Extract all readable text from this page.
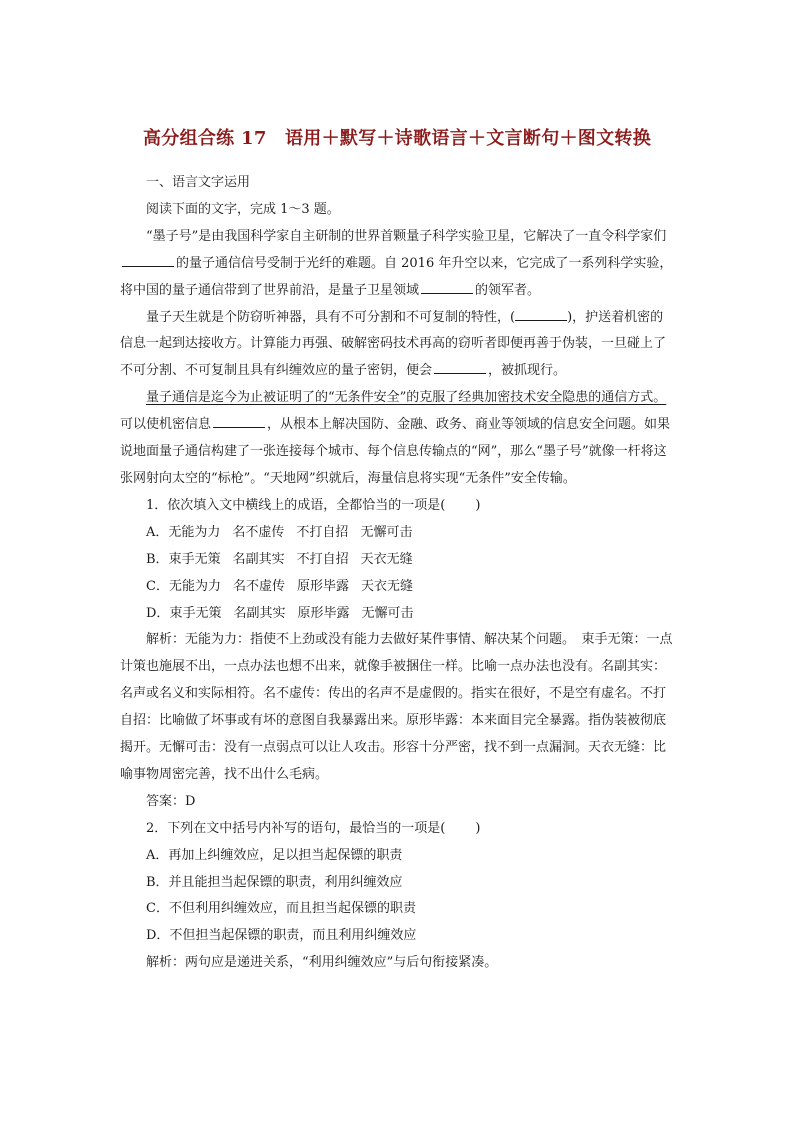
高分组合练 17　语用＋默写＋诗歌语言＋文言断句＋图文转换

一、语言文字运用

阅读下面的文字，完成 1～3 题。

“墨子号”是由我国科学家自主研制的世界首颗量子科学实验卫星，它解决了一直令科学家们的量子通信信号受制于光纤的难题。自 2016 年升空以来，它完成了一系列科学实验，将中国的量子通信带到了世界前沿，是量子卫星领域	的领军者。

量子天生就是个防窃听神器，具有不可分割和不可复制的特性，(	)，护送着机密的信息一起到达接收方。计算能力再强、破解密码技术再高的窃听者即便再善于伪装，一旦碰上了不可分割、不可复制且具有纠缠效应的量子密钥，便会	，被抓现行。

量子通信是迄今为止被证明了的“无条件安全”的克服了经典加密技术安全隐患的通信方式。可以使机密信息	，从根本上解决国防、金融、政务、商业等领域的信息安全问题。如果说地面量子通信构建了一张连接每个城市、每个信息传输点的“网”，那么“墨子号”就像一杆将这张网射向太空的“标枪”。“天地网”织就后，海量信息将实现“无条件”安全传输。

1．依次填入文中横线上的成语，全都恰当的一项是( )

A．无能为力 名不虚传 不打自招 无懈可击

B．束手无策 名副其实 不打自招 天衣无缝

C．无能为力 名不虚传 原形毕露 天衣无缝

D．束手无策 名副其实 原形毕露 无懈可击

解析：无能为力：指使不上劲或没有能力去做好某件事情、解决某个问题。　束手无策：一点计策也施展不出，一点办法也想不出来，就像手被捆住一样。比喻一点办法也没有。名副其实：名声或名义和实际相符。名不虚传：传出的名声不是虚假的。指实在很好，不是空有虚名。不打自招：比喻做了坏事或有坏的意图自我暴露出来。原形毕露：本来面目完全暴露。指伪装被彻底揭开。无懈可击：没有一点弱点可以让人攻击。形容十分严密，找不到一点漏洞。天衣无缝：比喻事物周密完善，找不出什么毛病。

答案：D

2．下列在文中括号内补写的语句，最恰当的一项是( )

A．再加上纠缠效应，足以担当起保镖的职责

B．并且能担当起保镖的职责，利用纠缠效应

C．不但利用纠缠效应，而且担当起保镖的职责

D．不但担当起保镖的职责，而且利用纠缠效应

解析：两句应是递进关系，“利用纠缠效应”与后句衔接紧凑。
